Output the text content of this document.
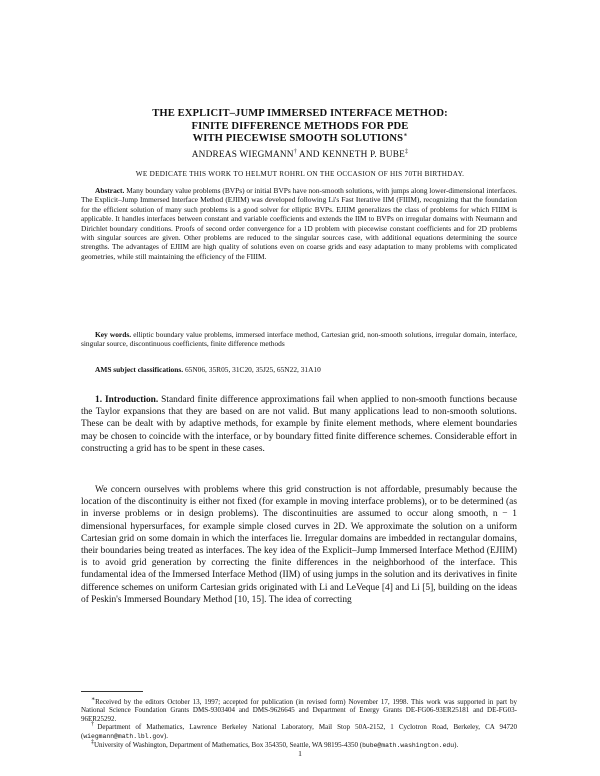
THE EXPLICIT–JUMP IMMERSED INTERFACE METHOD:
FINITE DIFFERENCE METHODS FOR PDE
WITH PIECEWISE SMOOTH SOLUTIONS∗
ANDREAS WIEGMANN† AND KENNETH P. BUBE‡
WE DEDICATE THIS WORK TO HELMUT ROHRL ON THE OCCASION OF HIS 70TH BIRTHDAY.
Abstract. Many boundary value problems (BVPs) or initial BVPs have non-smooth solutions, with jumps along lower-dimensional interfaces. The Explicit–Jump Immersed Interface Method (EJIIM) was developed following Li's Fast Iterative IIM (FIIIM), recognizing that the foundation for the efficient solution of many such problems is a good solver for elliptic BVPs. EJIIM generalizes the class of problems for which FIIIM is applicable. It handles interfaces between constant and variable coefficients and extends the IIM to BVPs on irregular domains with Neumann and Dirichlet boundary conditions. Proofs of second order convergence for a 1D problem with piecewise constant coefficients and for 2D problems with singular sources are given. Other problems are reduced to the singular sources case, with additional equations determining the source strengths. The advantages of EJIIM are high quality of solutions even on coarse grids and easy adaptation to many problems with complicated geometries, while still maintaining the efficiency of the FIIIM.
Key words. elliptic boundary value problems, immersed interface method, Cartesian grid, non-smooth solutions, irregular domain, interface, singular source, discontinuous coefficients, finite difference methods
AMS subject classifications. 65N06, 35R05, 31C20, 35J25, 65N22, 31A10

1. Introduction. Standard finite difference approximations fail when applied to non-smooth functions because the Taylor expansions that they are based on are not valid. But many applications lead to non-smooth solutions. These can be dealt with by adaptive methods, for example by finite element methods, where element boundaries may be chosen to coincide with the interface, or by boundary fitted finite difference schemes. Considerable effort in constructing a grid has to be spent in these cases.

We concern ourselves with problems where this grid construction is not affordable, presumably because the location of the discontinuity is either not fixed (for example in moving interface problems), or to be determined (as in inverse problems or in design problems). The discontinuities are assumed to occur along smooth, n − 1 dimensional hypersurfaces, for example simple closed curves in 2D. We approximate the solution on a uniform Cartesian grid on some domain in which the interfaces lie. Irregular domains are imbedded in rectangular domains, their boundaries being treated as interfaces. The key idea of the Explicit–Jump Immersed Interface Method (EJIIM) is to avoid grid generation by correcting the finite differences in the neighborhood of the interface. This fundamental idea of the Immersed Interface Method (IIM) of using jumps in the solution and its derivatives in finite difference schemes on uniform Cartesian grids originated with Li and LeVeque [4] and Li [5], building on the ideas of Peskin's Immersed Boundary Method [10, 15]. The idea of correcting

∗Received by the editors October 13, 1997; accepted for publication (in revised form) November 17, 1998. This work was supported in part by National Science Foundation Grants DMS-9303404 and DMS-9626645 and Department of Energy Grants DE-FG06-93ER25181 and DE-FG03-96ER25292.

†Department of Mathematics, Lawrence Berkeley National Laboratory, Mail Stop 50A-2152, 1 Cyclotron Road, Berkeley, CA 94720 (wiegmann@math.lbl.gov).

‡University of Washington, Department of Mathematics, Box 354350, Seattle, WA 98195-4350 (bube@math.washington.edu).

1
